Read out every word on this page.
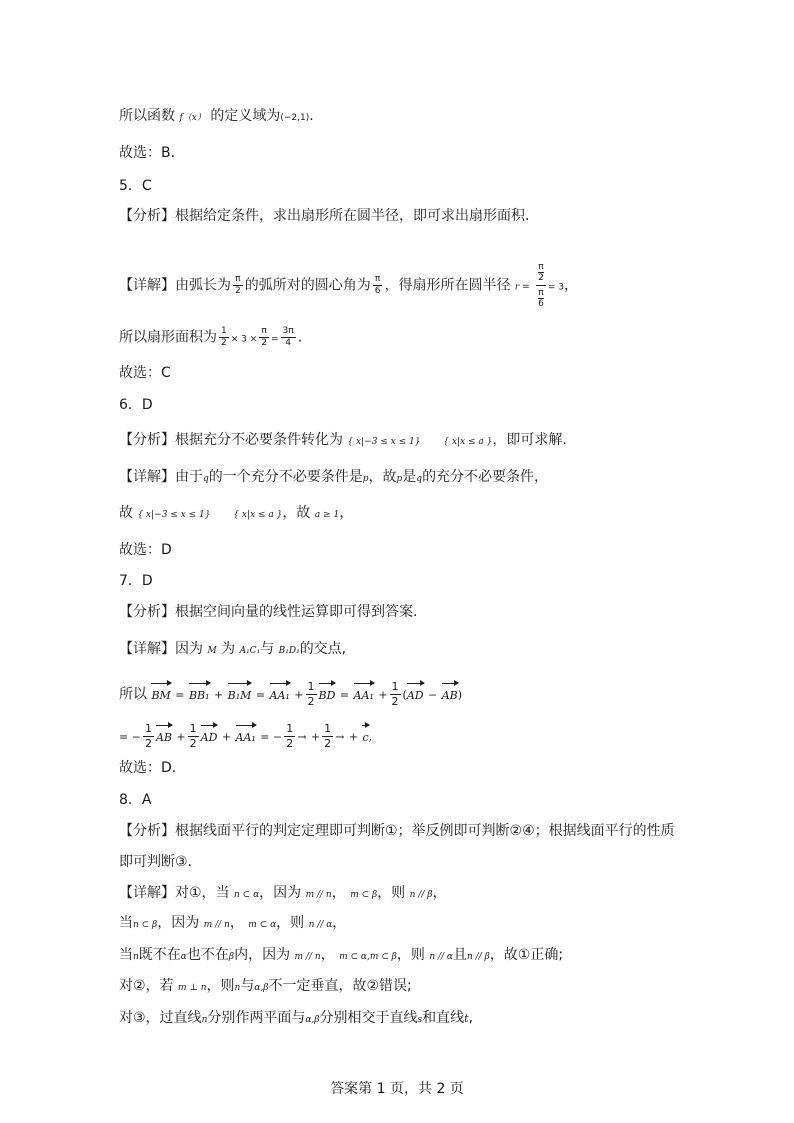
所以函数 f（x） 的定义域为(−2,1).
故选：B.
5．C
【分析】根据给定条件，求出扇形所在圆半径，即可求出扇形面积.
【详解】由弧长为 $\frac{\pi}{2}$ 的弧所对的圆心角为 $\frac{\pi}{6}$ ，得扇形所在圆半径 r = π
2
π
6 = 3，
所以扇形面积为 $\frac{1}{2} \times 3 \times \frac{\pi}{2} = \frac{3\pi}{4}$ .
故选：C
6．D
【分析】根据充分不必要条件转化为 { x|−3 ≤ x ≤ 1}	{ x|x ≤ a }，即可求解.
【详解】由于q的一个充分不必要条件是p，故p是q的充分不必要条件，
故 { x|−3 ≤ x ≤ 1}	{ x|x ≤ a }，故 a ≥ 1，
故选：D
7．D
【分析】根据空间向量的线性运算即可得到答案.
【详解】因为 M 为 A₁C₁与 B₁D₁的交点,
所以 BM = $BB_1 + B_1M = AA_1 + \frac{1}{2}$ BD = $AA_1 + \frac{1}{2} (AD - AB)$
= − $\frac{1}{2}$ AB + $\frac{1}{2}$ AD + AA₁ = − $\frac{1}{2}$ → + $\frac{1}{2}$ → + c,
故选：D.
8．A
【分析】根据线面平行的判定定理即可判断①；举反例即可判断②④；根据线面平行的性质
即可判断③.
【详解】对①，当 n ⊂ α，因为 m // n， m ⊂ β，则 n // β，
当n ⊂ β，因为 m // n， m ⊂ α，则 n // α，
当n既不在α也不在β内，因为 m // n， m ⊂ α,m ⊂ β，则 n // α且n // β，故①正确;
对②，若 m ⊥ n，则n与α,β不一定垂直，故②错误;
对③，过直线n分别作两平面与α,β分别相交于直线s和直线t,
答案第 1 页，共 2 页
